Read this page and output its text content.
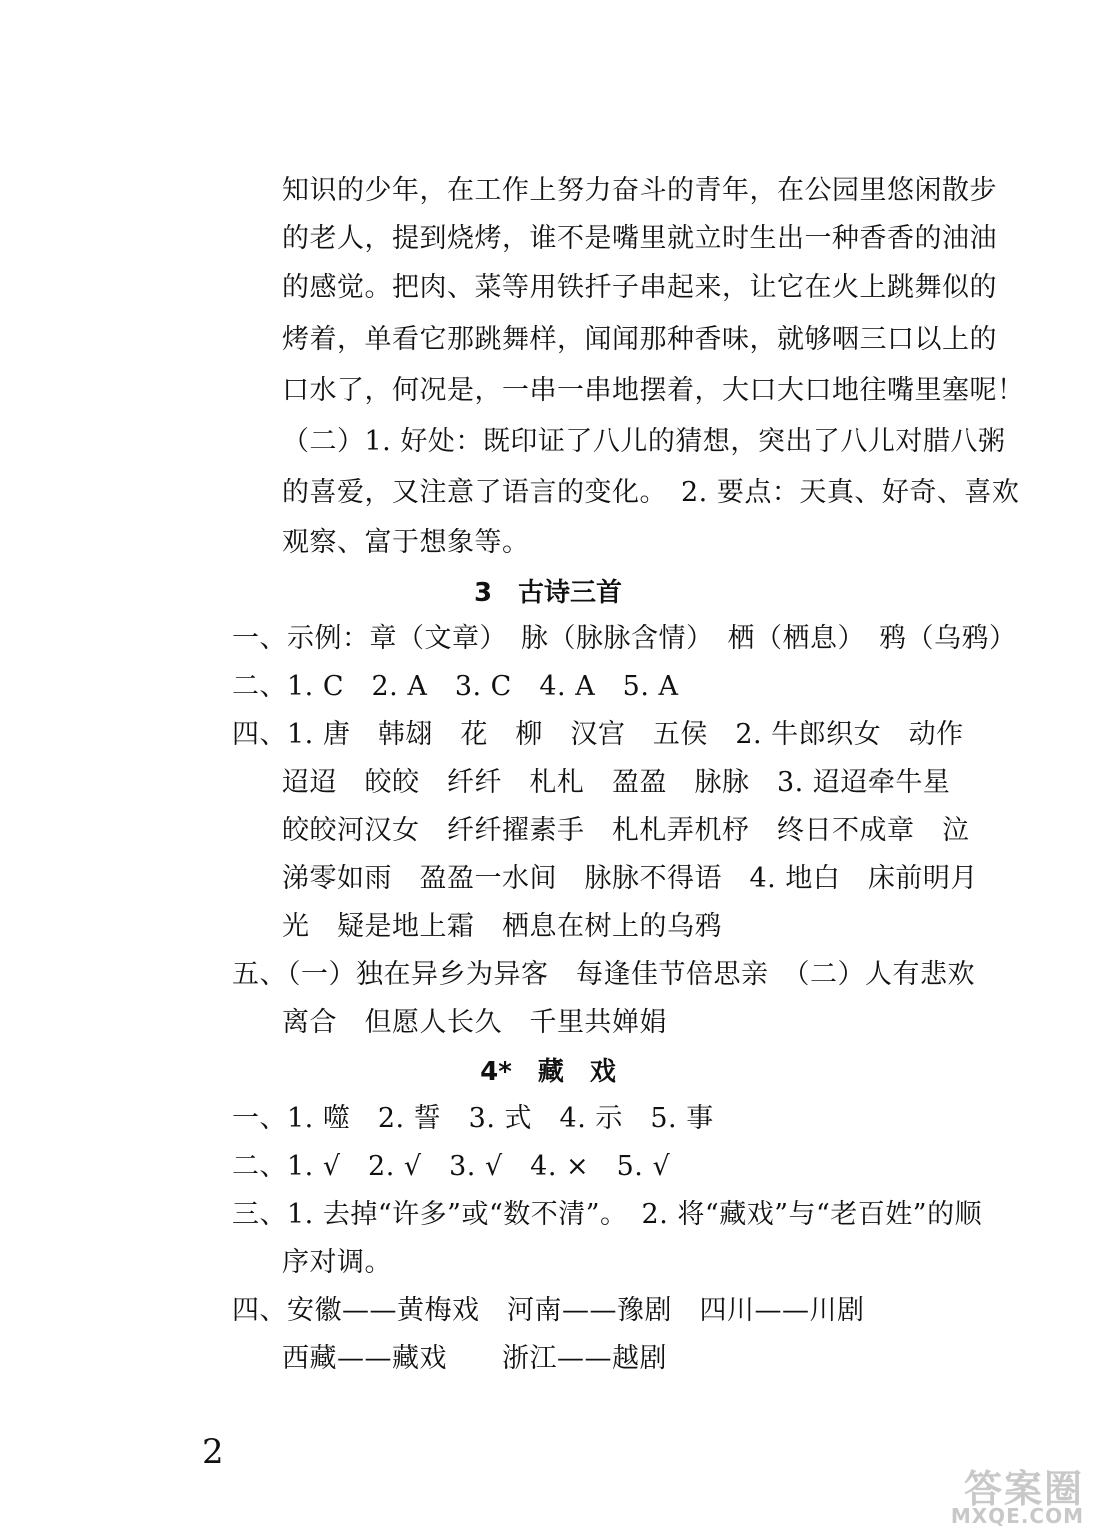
知识的少年，在工作上努力奋斗的青年，在公园里悠闲散步
的老人，提到烧烤，谁不是嘴里就立时生出一种香香的油油
的感觉。把肉、菜等用铁扦子串起来，让它在火上跳舞似的
烤着，单看它那跳舞样，闻闻那种香味，就够咽三口以上的
口水了，何况是，一串一串地摆着，大口大口地往嘴里塞呢！
（二）1. 好处：既印证了八儿的猜想，突出了八儿对腊八粥
的喜爱，又注意了语言的变化。　2. 要点：天真、好奇、喜欢
观察、富于想象等。
3　古诗三首
一、示例：章（文章）　脉（脉脉含情）　栖（栖息）　鸦（乌鸦）
二、1. C　2. A　3. C　4. A　5. A
四、1. 唐　韩翃　花　柳　汉宫　五侯　2. 牛郎织女　动作
迢迢　皎皎　纤纤　札札　盈盈　脉脉　3. 迢迢牵牛星
皎皎河汉女　纤纤擢素手　札札弄机杼　终日不成章　泣
涕零如雨　盈盈一水间　脉脉不得语　4. 地白　床前明月
光　疑是地上霜　栖息在树上的乌鸦
五、（一）独在异乡为异客　每逢佳节倍思亲　（二）人有悲欢
离合　但愿人长久　千里共婵娟
4*　藏　戏
一、1. 噬　2. 誓　3. 式　4. 示　5. 事
二、1. √　2. √　3. √　4. ×　5. √
三、1. 去掉“许多”或“数不清”。　2. 将“藏戏”与“老百姓”的顺
序对调。
四、安徽——黄梅戏　河南——豫剧　四川——川剧
西藏——藏戏　　浙江——越剧
2
答案圈
MXQE.COM
